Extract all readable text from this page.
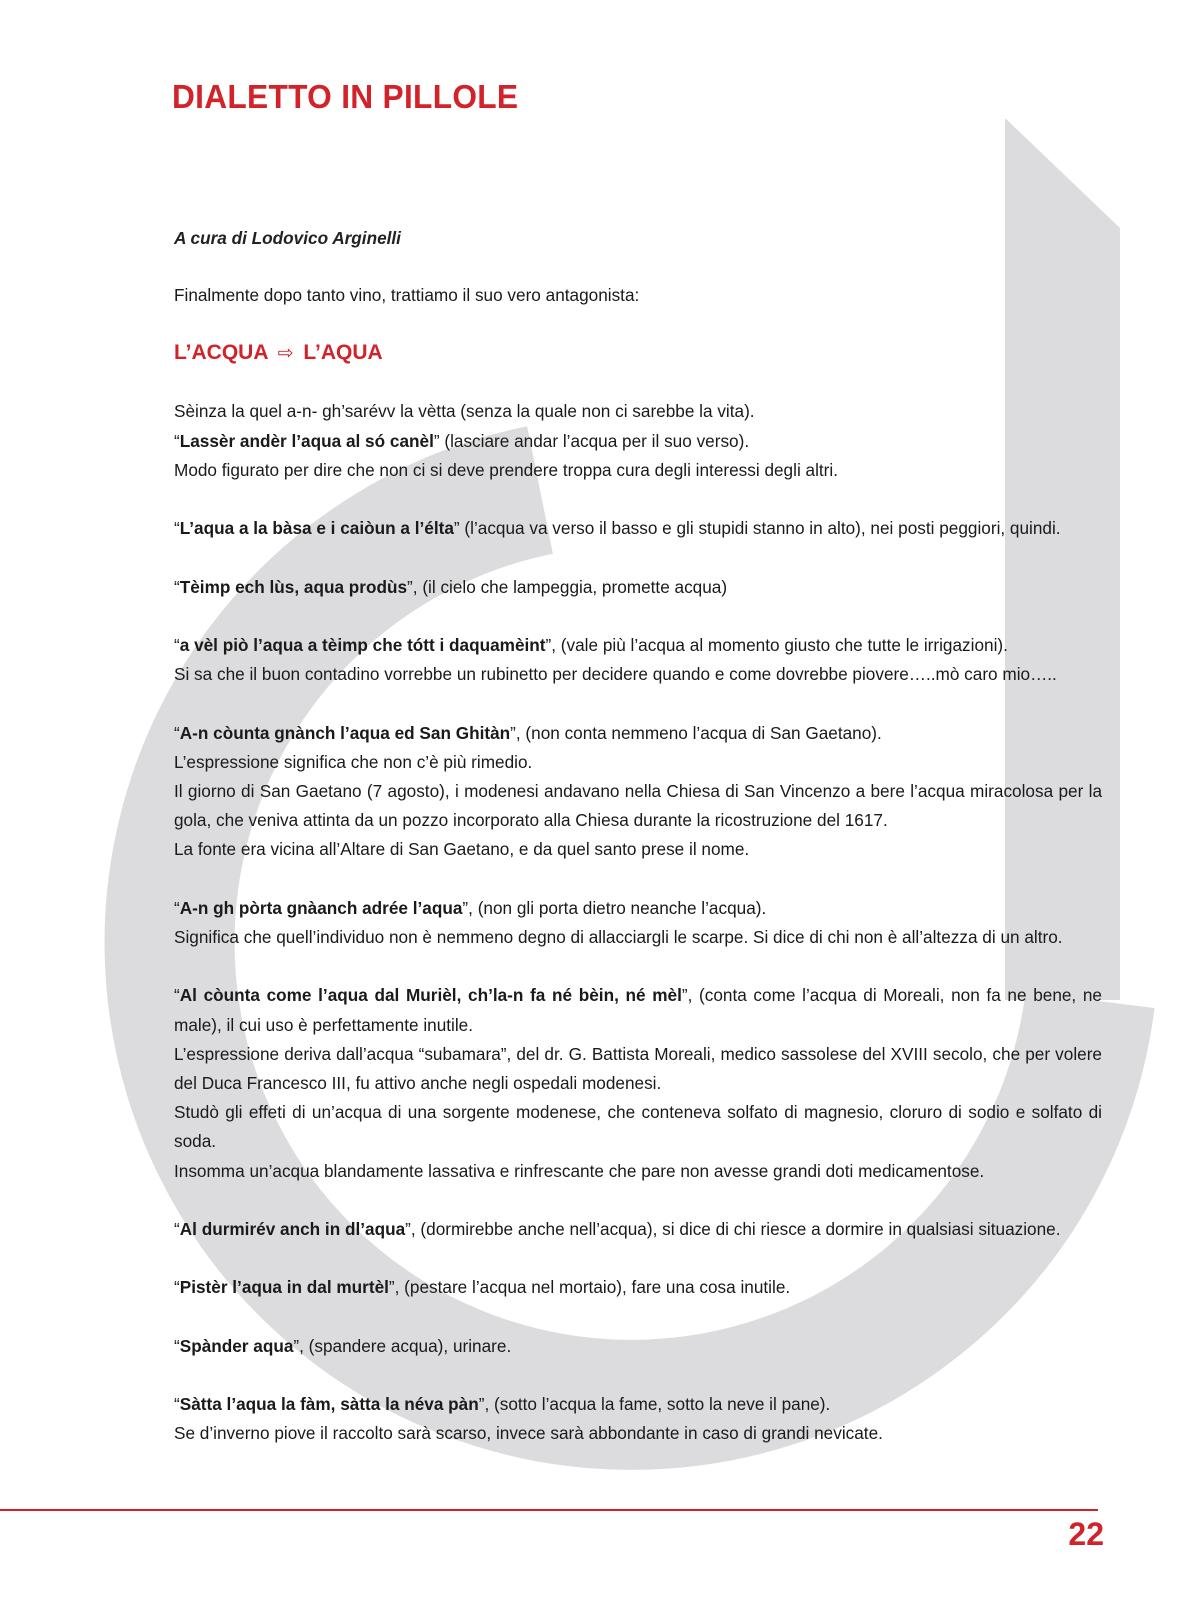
DIALETTO IN PILLOLE

A cura di Lodovico Arginelli

Finalmente dopo tanto vino, trattiamo il suo vero antagonista:

L’ACQUA ⇨ L’AQUA

Sèinza la quel a-n- gh’sarévv la vètta (senza la quale non ci sarebbe la vita).

“Lassèr andèr l’aqua al só canèl” (lasciare andar l’acqua per il suo verso).

Modo figurato per dire che non ci si deve prendere troppa cura degli interessi degli altri.

“L’aqua a la bàsa e i caiòun a l’élta” (l’acqua va verso il basso e gli stupidi stanno in alto), nei posti peggiori, quindi.

“Tèimp ech lùs, aqua prodùs”, (il cielo che lampeggia, promette acqua)

“a vèl piò l’aqua a tèimp che tótt i daquamèint”, (vale più l’acqua al momento giusto che tutte le irrigazioni).

Si sa che il buon contadino vorrebbe un rubinetto per decidere quando e come dovrebbe piovere…..mò caro mio…..

“A-n còunta gnànch l’aqua ed San Ghitàn”, (non conta nemmeno l’acqua di San Gaetano).

L’espressione significa che non c’è più rimedio.

Il giorno di San Gaetano (7 agosto), i modenesi andavano nella Chiesa di San Vincenzo a bere l’acqua miracolosa per la gola, che veniva attinta da un pozzo incorporato alla Chiesa durante la ricostruzione del 1617.

La fonte era vicina all’Altare di San Gaetano, e da quel santo prese il nome.

“A-n gh pòrta gnàanch adrée l’aqua”, (non gli porta dietro neanche l’acqua).

Significa che quell’individuo non è nemmeno degno di allacciargli le scarpe. Si dice di chi non è all’altezza di un altro.

“Al còunta come l’aqua dal Murièl, ch’la-n fa né bèin, né mèl”, (conta come l’acqua di Moreali, non fa ne bene, ne male), il cui uso è perfettamente inutile.

L’espressione deriva dall’acqua “subamara”, del dr. G. Battista Moreali, medico sassolese del XVIII secolo, che per volere del Duca Francesco III, fu attivo anche negli ospedali modenesi.

Studò gli effeti di un’acqua di una sorgente modenese, che conteneva solfato di magnesio, cloruro di sodio e solfato di soda.

Insomma un’acqua blandamente lassativa e rinfrescante che pare non avesse grandi doti medicamentose.

“Al durmirév anch in dl’aqua”, (dormirebbe anche nell’acqua), si dice di chi riesce a dormire in qualsiasi situazione.

“Pistèr l’aqua in dal murtèl”, (pestare l’acqua nel mortaio), fare una cosa inutile.

“Spànder aqua”, (spandere acqua), urinare.

“Sàtta l’aqua la fàm, sàtta la néva pàn”, (sotto l’acqua la fame, sotto la neve il pane).

Se d’inverno piove il raccolto sarà scarso, invece sarà abbondante in caso di grandi nevicate.

22
